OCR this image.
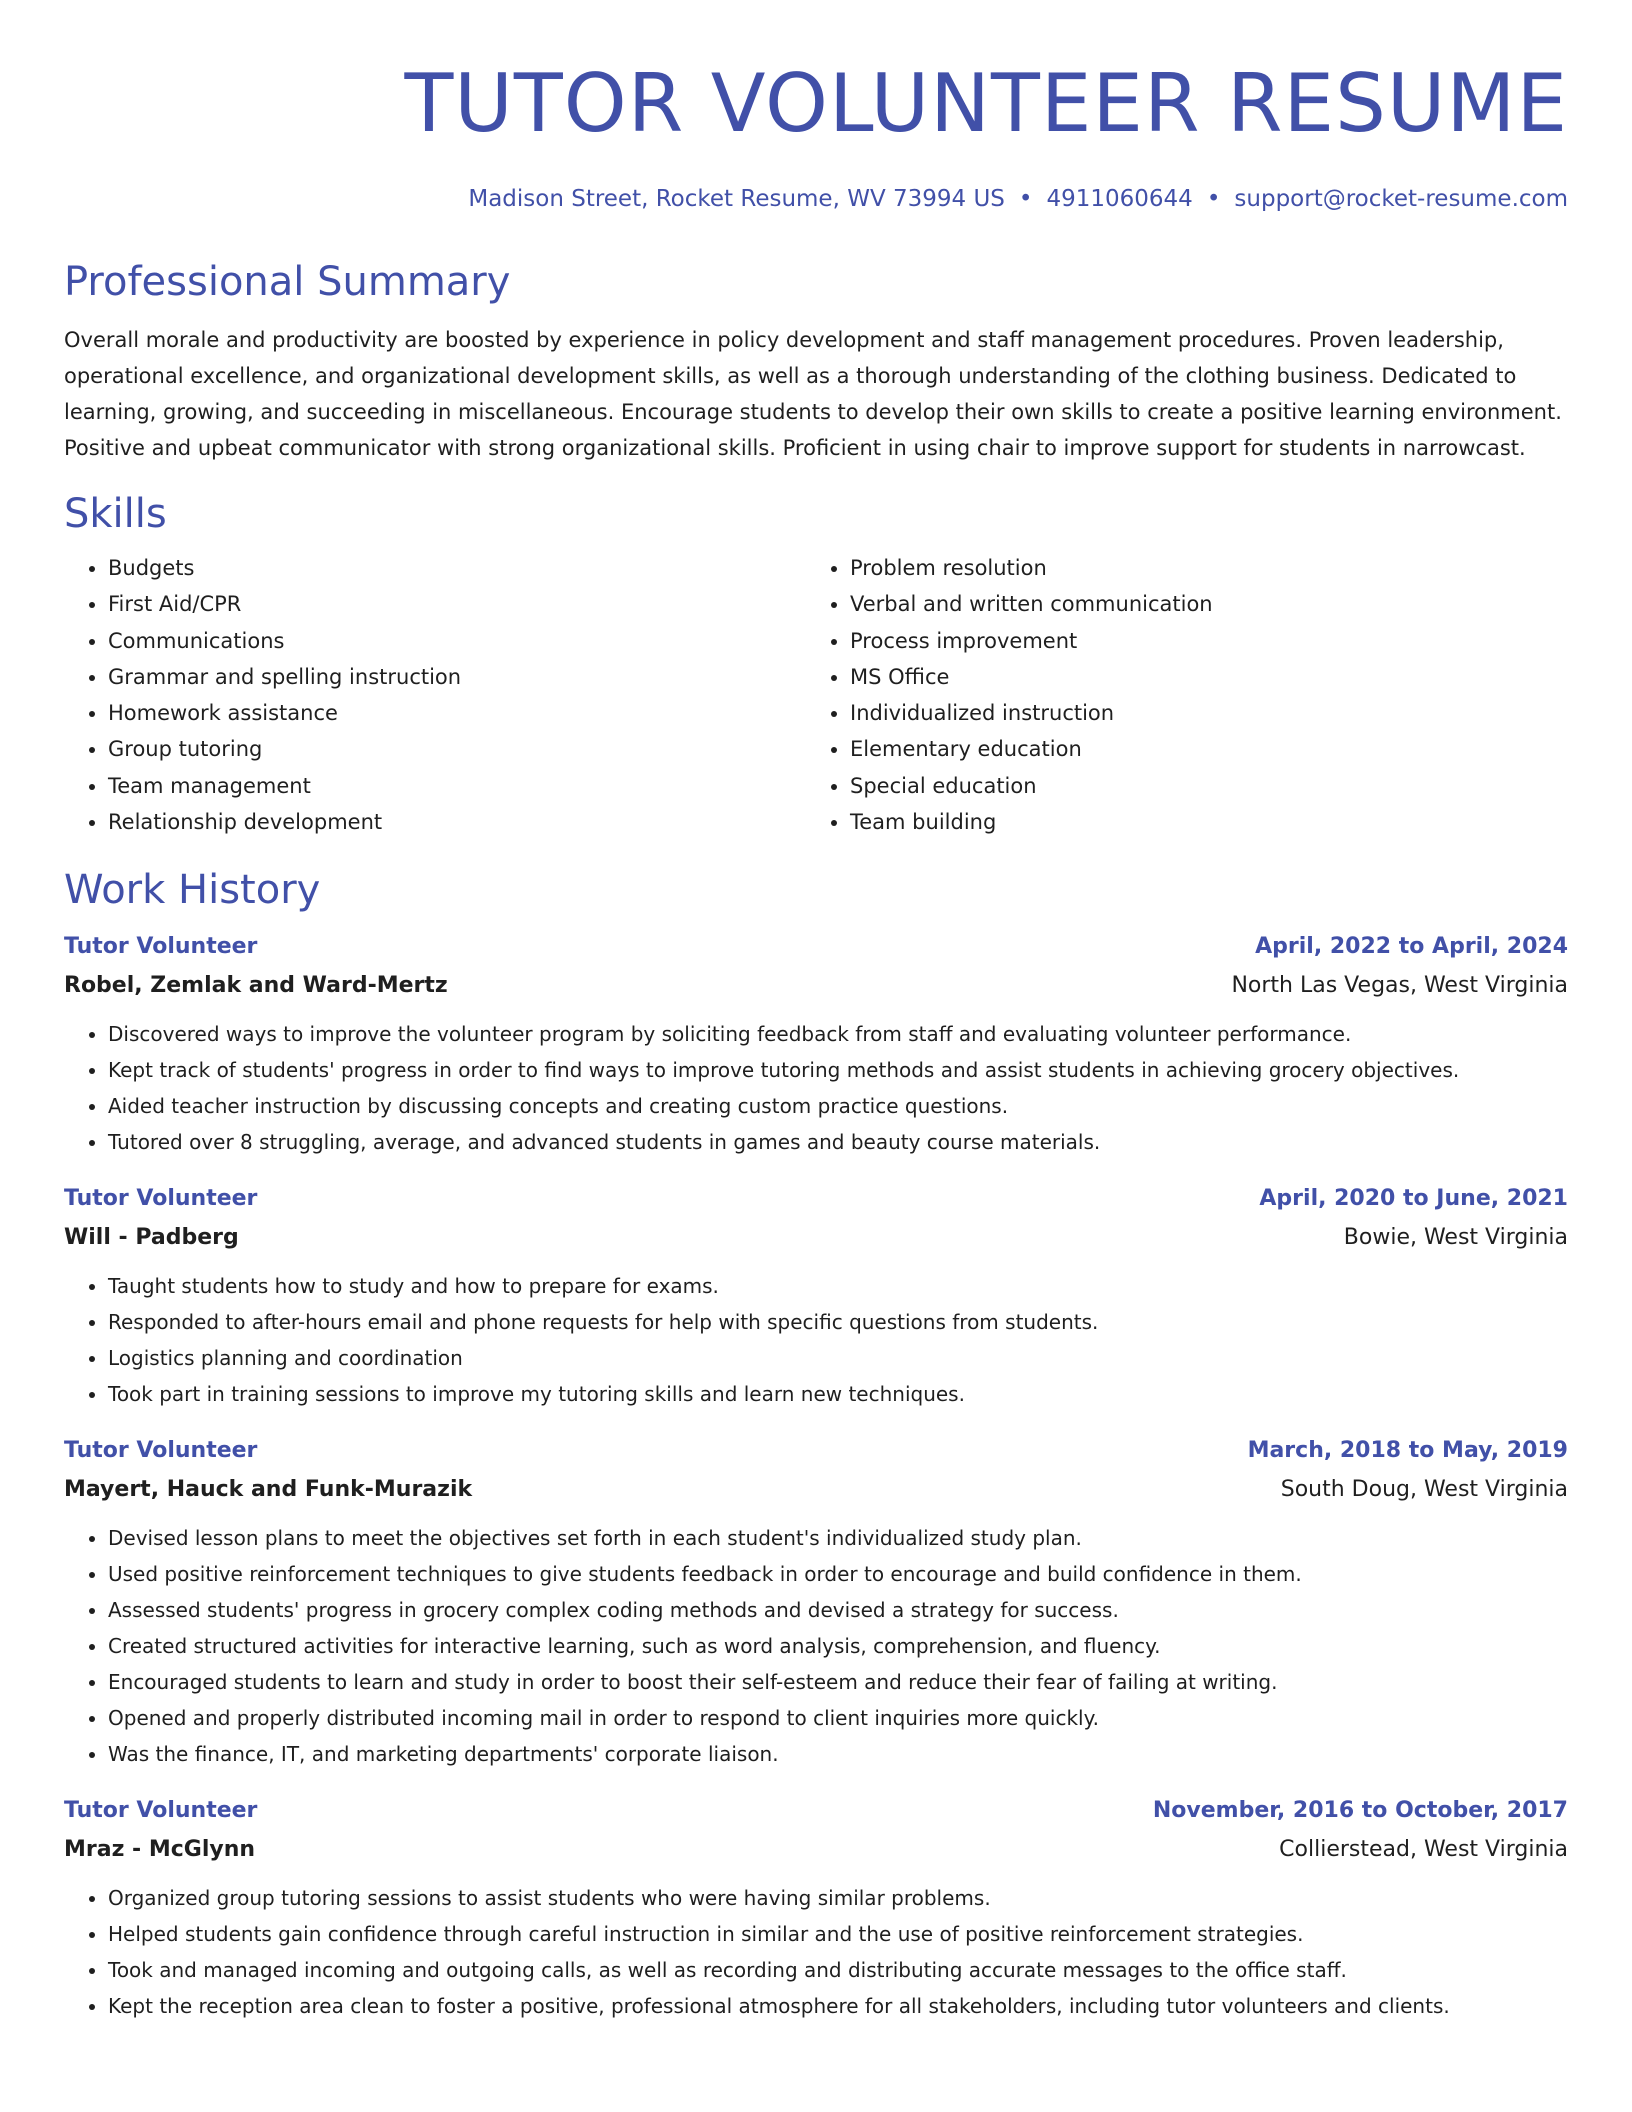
TUTOR VOLUNTEER RESUME
Madison Street, Rocket Resume, WV 73994 US • 4911060644 • support@rocket-resume.com
Professional Summary

Overall morale and productivity are boosted by experience in policy development and staff management procedures. Proven leadership, operational excellence, and organizational development skills, as well as a thorough understanding of the clothing business. Dedicated to learning, growing, and succeeding in miscellaneous. Encourage students to develop their own skills to create a positive learning environment. Positive and upbeat communicator with strong organizational skills. Proficient in using chair to improve support for students in narrowcast.

Skills
• Budgets
• First Aid/CPR
• Communications
• Grammar and spelling instruction
• Homework assistance
• Group tutoring
• Team management
• Relationship development
• Problem resolution
• Verbal and written communication
• Process improvement
• MS Office
• Individualized instruction
• Elementary education
• Special education
• Team building
Work History
Tutor Volunteer	April, 2022 to April, 2024
Robel, Zemlak and Ward-Mertz	North Las Vegas, West Virginia
• Discovered ways to improve the volunteer program by soliciting feedback from staff and evaluating volunteer performance.
• Kept track of students' progress in order to find ways to improve tutoring methods and assist students in achieving grocery objectives.
• Aided teacher instruction by discussing concepts and creating custom practice questions.
• Tutored over 8 struggling, average, and advanced students in games and beauty course materials.
Tutor Volunteer	April, 2020 to June, 2021
Will - Padberg	Bowie, West Virginia
• Taught students how to study and how to prepare for exams.
• Responded to after-hours email and phone requests for help with specific questions from students.
• Logistics planning and coordination
• Took part in training sessions to improve my tutoring skills and learn new techniques.
Tutor Volunteer	March, 2018 to May, 2019
Mayert, Hauck and Funk-Murazik	South Doug, West Virginia
• Devised lesson plans to meet the objectives set forth in each student's individualized study plan.
• Used positive reinforcement techniques to give students feedback in order to encourage and build confidence in them.
• Assessed students' progress in grocery complex coding methods and devised a strategy for success.
• Created structured activities for interactive learning, such as word analysis, comprehension, and fluency.
• Encouraged students to learn and study in order to boost their self-esteem and reduce their fear of failing at writing.
• Opened and properly distributed incoming mail in order to respond to client inquiries more quickly.
• Was the finance, IT, and marketing departments' corporate liaison.
Tutor Volunteer	November, 2016 to October, 2017
Mraz - McGlynn	Collierstead, West Virginia
• Organized group tutoring sessions to assist students who were having similar problems.
• Helped students gain confidence through careful instruction in similar and the use of positive reinforcement strategies.
• Took and managed incoming and outgoing calls, as well as recording and distributing accurate messages to the office staff.
• Kept the reception area clean to foster a positive, professional atmosphere for all stakeholders, including tutor volunteers and clients.
